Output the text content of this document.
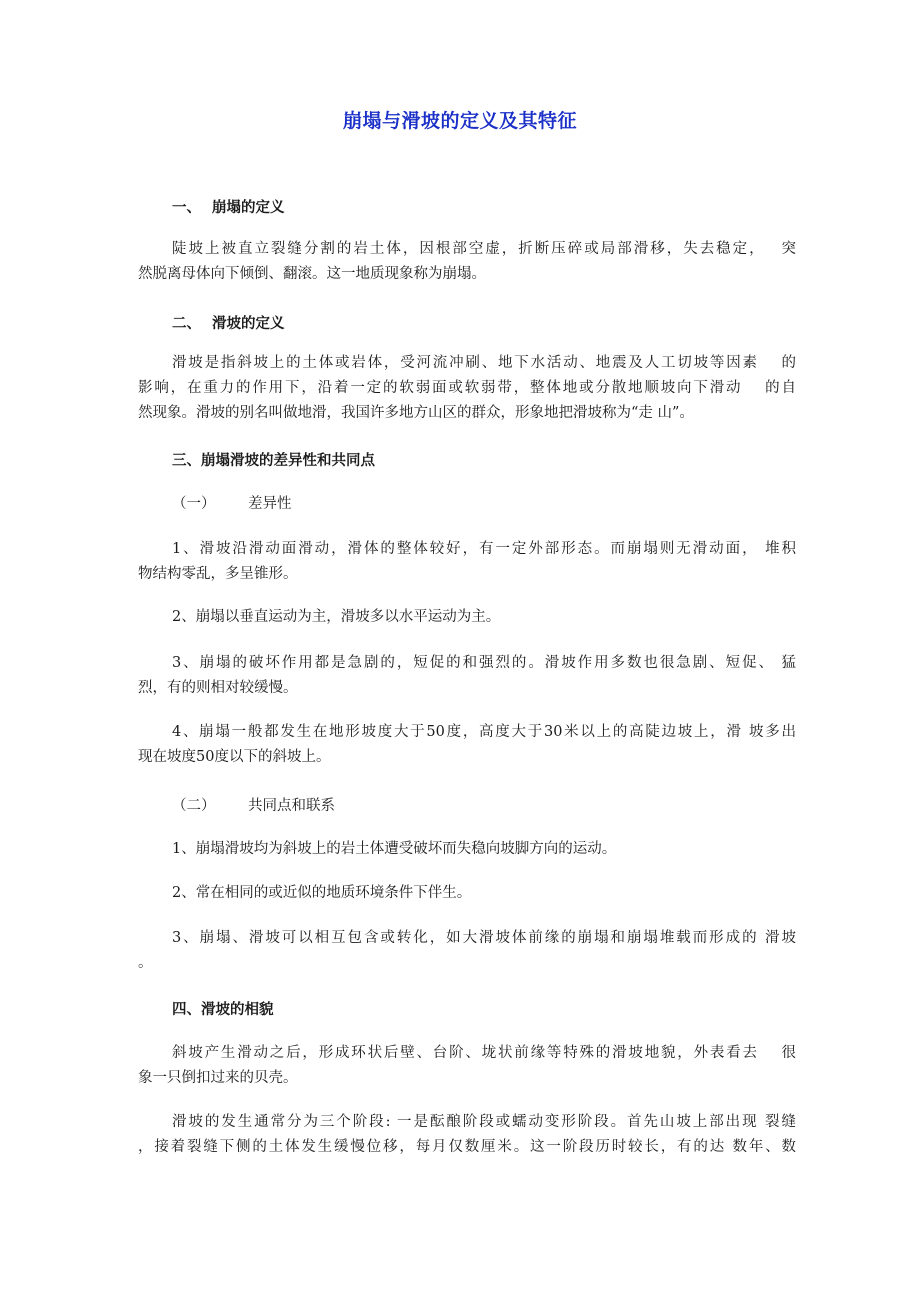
崩塌与滑坡的定义及其特征
一、 崩塌的定义
陡坡上被直立裂缝分割的岩土体，因根部空虚，折断压碎或局部滑移，失去稳定，　 突
然脱离母体向下倾倒、翻滚。这一地质现象称为崩塌。
二、 滑坡的定义
滑坡是指斜坡上的土体或岩体，受河流冲刷、地下水活动、地震及人工切坡等因素　 的
影响，在重力的作用下，沿着一定的软弱面或软弱带，整体地或分散地顺坡向下滑动　 的自
然现象。滑坡的别名叫做地滑，我国许多地方山区的群众，形象地把滑坡称为“走 山”。
三、崩塌滑坡的差异性和共同点
（一） 差异性
1、滑坡沿滑动面滑动，滑体的整体较好，有一定外部形态。而崩塌则无滑动面， 堆积
物结构零乱，多呈锥形。
2、崩塌以垂直运动为主，滑坡多以水平运动为主。
3、崩塌的破坏作用都是急剧的，短促的和强烈的。滑坡作用多数也很急剧、短促、 猛
烈，有的则相对较缓慢。
4、崩塌一般都发生在地形坡度大于50度，高度大于30米以上的高陡边坡上，滑 坡多出
现在坡度50度以下的斜坡上。
（二） 共同点和联系
1、崩塌滑坡均为斜坡上的岩土体遭受破坏而失稳向坡脚方向的运动。
2、常在相同的或近似的地质环境条件下伴生。
3、崩塌、滑坡可以相互包含或转化，如大滑坡体前缘的崩塌和崩塌堆载而形成的 滑坡
。
四、滑坡的相貌
斜坡产生滑动之后，形成环状后壁、台阶、垅状前缘等特殊的滑坡地貌，外表看去　 很
象一只倒扣过来的贝壳。
滑坡的发生通常分为三个阶段: 一是酝酿阶段或蠕动变形阶段。首先山坡上部出现 裂缝
，接着裂缝下侧的土体发生缓慢位移，每月仅数厘米。这一阶段历时较长，有的达 数年、数
